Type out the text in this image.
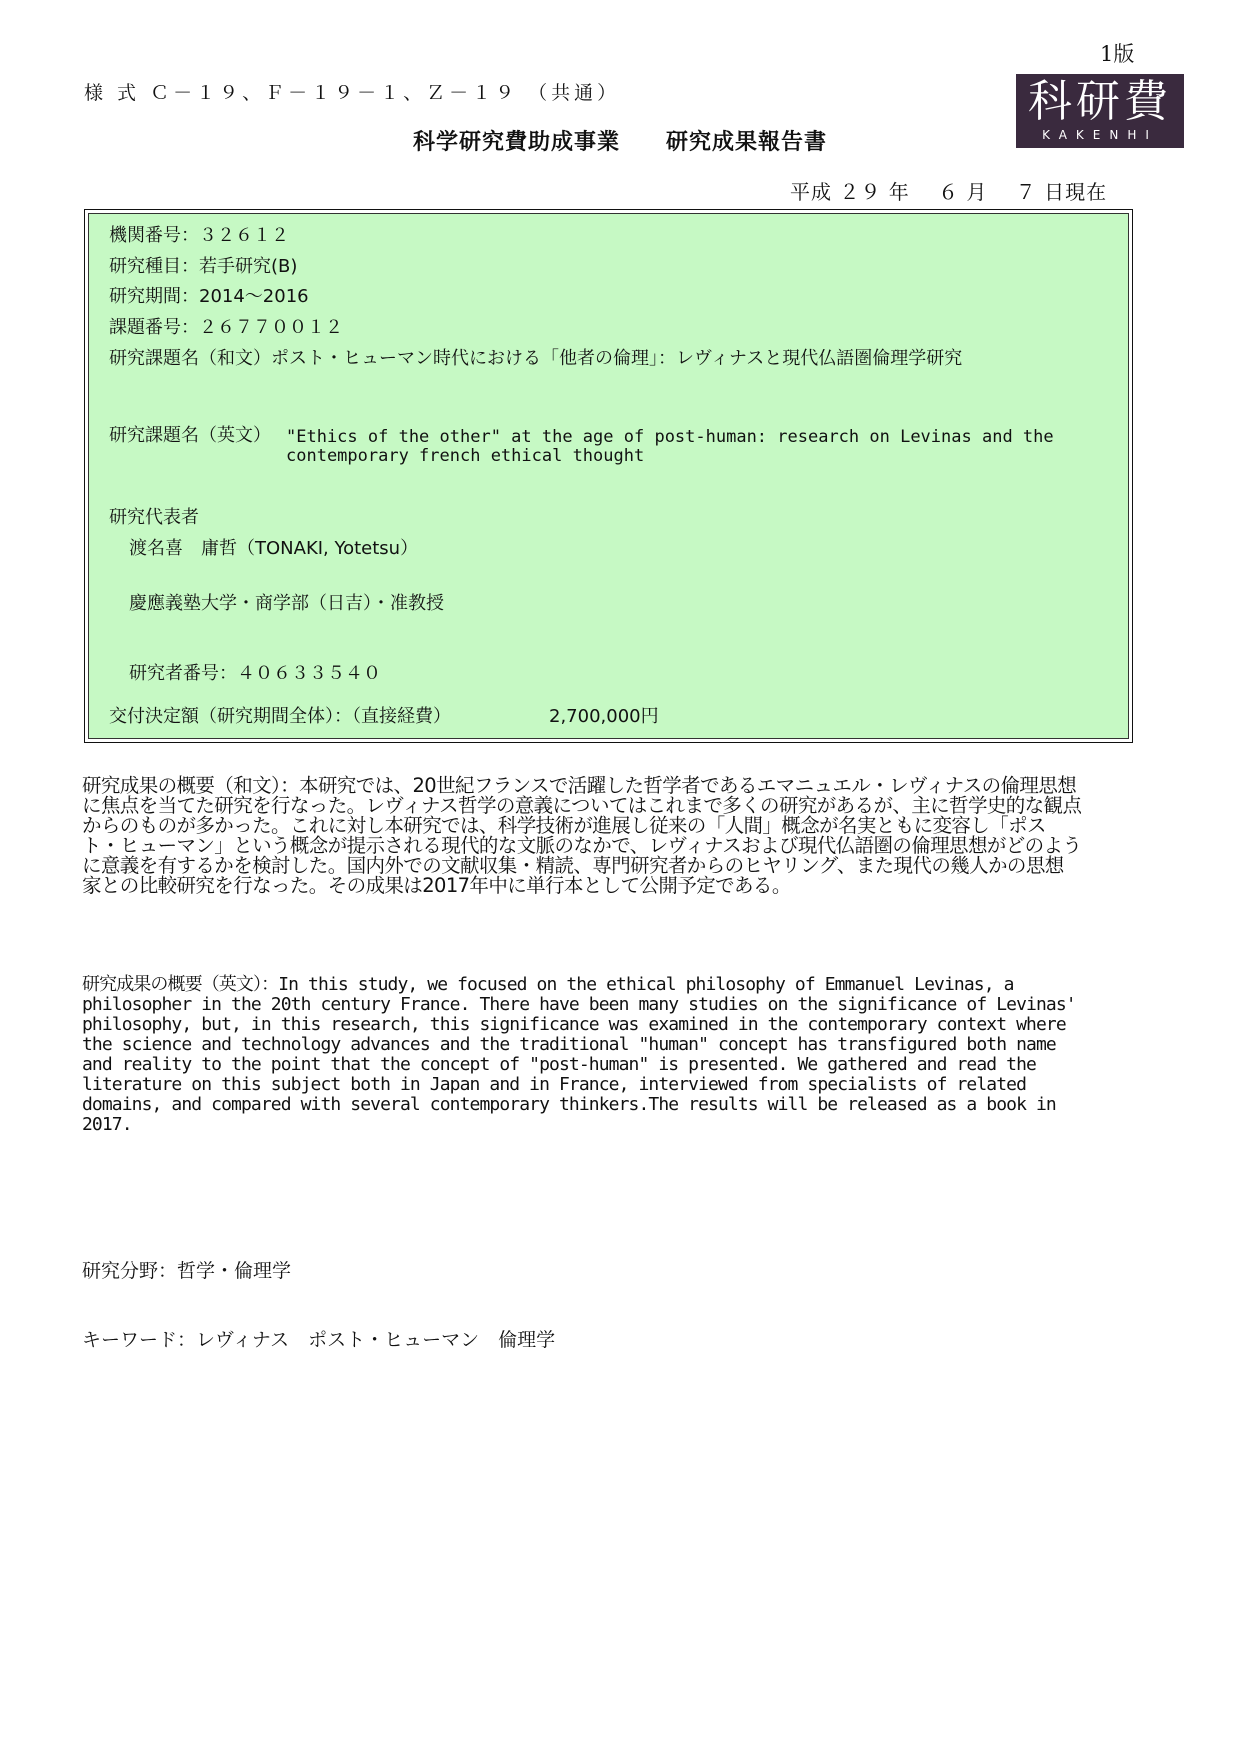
1版
様 式 Ｃ－１９、Ｆ－１９－１、Ｚ－１９ （共通）
科学研究費助成事業　　研究成果報告書
科研費
KAKENHI
平成 ２９ 年　 ６ 月　 ７ 日現在
機関番号：３２６１２
研究種目：若手研究(B)
研究期間：2014～2016
課題番号：２６７７００１２
研究課題名（和文）ポスト・ヒューマン時代における「他者の倫理」：レヴィナスと現代仏語圏倫理学研究
研究課題名（英文） "Ethics of the other" at the age of post-human: research on Levinas and the
contemporary french ethical thought
研究代表者
渡名喜　庸哲（TONAKI, Yotetsu）
慶應義塾大学・商学部（日吉）・准教授
研究者番号：４０６３３５４０
交付決定額（研究期間全体）：（直接経費）	2,700,000円
研究成果の概要（和文）：本研究では、20世紀フランスで活躍した哲学者であるエマニュエル・レヴィナスの倫理思想に焦点を当てた研究を行なった。レヴィナス哲学の意義についてはこれまで多くの研究があるが、主に哲学史的な観点からのものが多かった。これに対し本研究では、科学技術が進展し従来の「人間」概念が名実ともに変容し「ポスト・ヒューマン」という概念が提示される現代的な文脈のなかで、レヴィナスおよび現代仏語圏の倫理思想がどのように意義を有するかを検討した。国内外での文献収集・精読、専門研究者からのヒヤリング、また現代の幾人かの思想家との比較研究を行なった。その成果は2017年中に単行本として公開予定である。
研究成果の概要（英文）：In this study, we focused on the ethical philosophy of Emmanuel Levinas, a philosopher in the 20th century France. There have been many studies on the significance of Levinas' philosophy, but, in this research, this significance was examined in the contemporary context where the science and technology advances and the traditional "human" concept has transfigured both name and reality to the point that the concept of "post-human" is presented. We gathered and read the literature on this subject both in Japan and in France, interviewed from specialists of related domains, and compared with several contemporary thinkers.The results will be released as a book in 2017.
研究分野：哲学・倫理学
キーワード：レヴィナス　ポスト・ヒューマン　倫理学
